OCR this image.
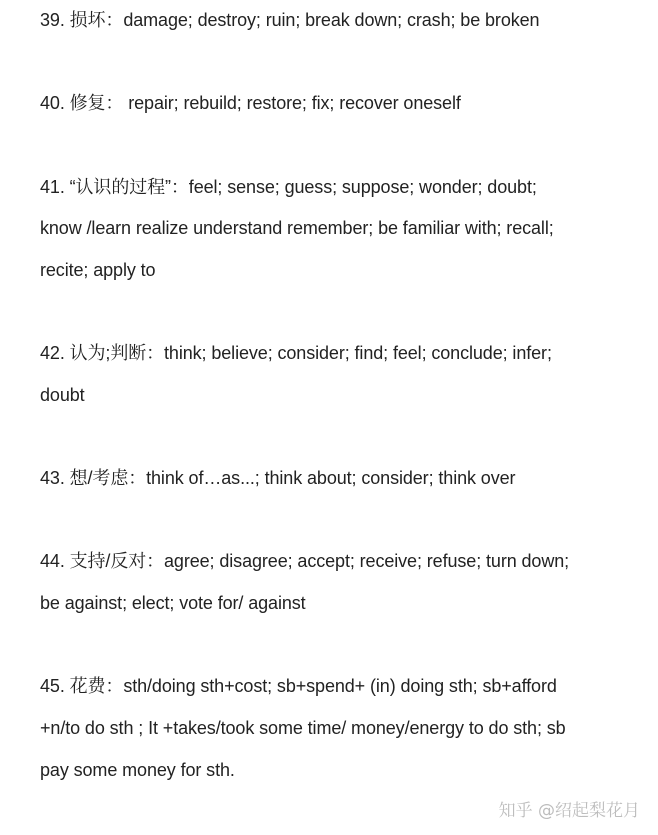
39. 损坏：damage; destroy; ruin; break down; crash; be broken
40. 修复： repair; rebuild; restore; fix; recover oneself
41. “认识的过程”：feel; sense; guess; suppose; wonder; doubt;
know /learn realize understand remember; be familiar with; recall;
recite; apply to
42. 认为;判断：think; believe; consider; find; feel; conclude; infer;
doubt
43. 想/考虑：think of…as...; think about; consider; think over
44. 支持/反对：agree; disagree; accept; receive; refuse; turn down;
be against; elect; vote for/ against
45. 花费：sth/doing sth+cost; sb+spend+ (in) doing sth; sb+afford
+n/to do sth ; It +takes/took some time/ money/energy to do sth; sb
pay some money for sth.
知乎 @绍起梨花月
